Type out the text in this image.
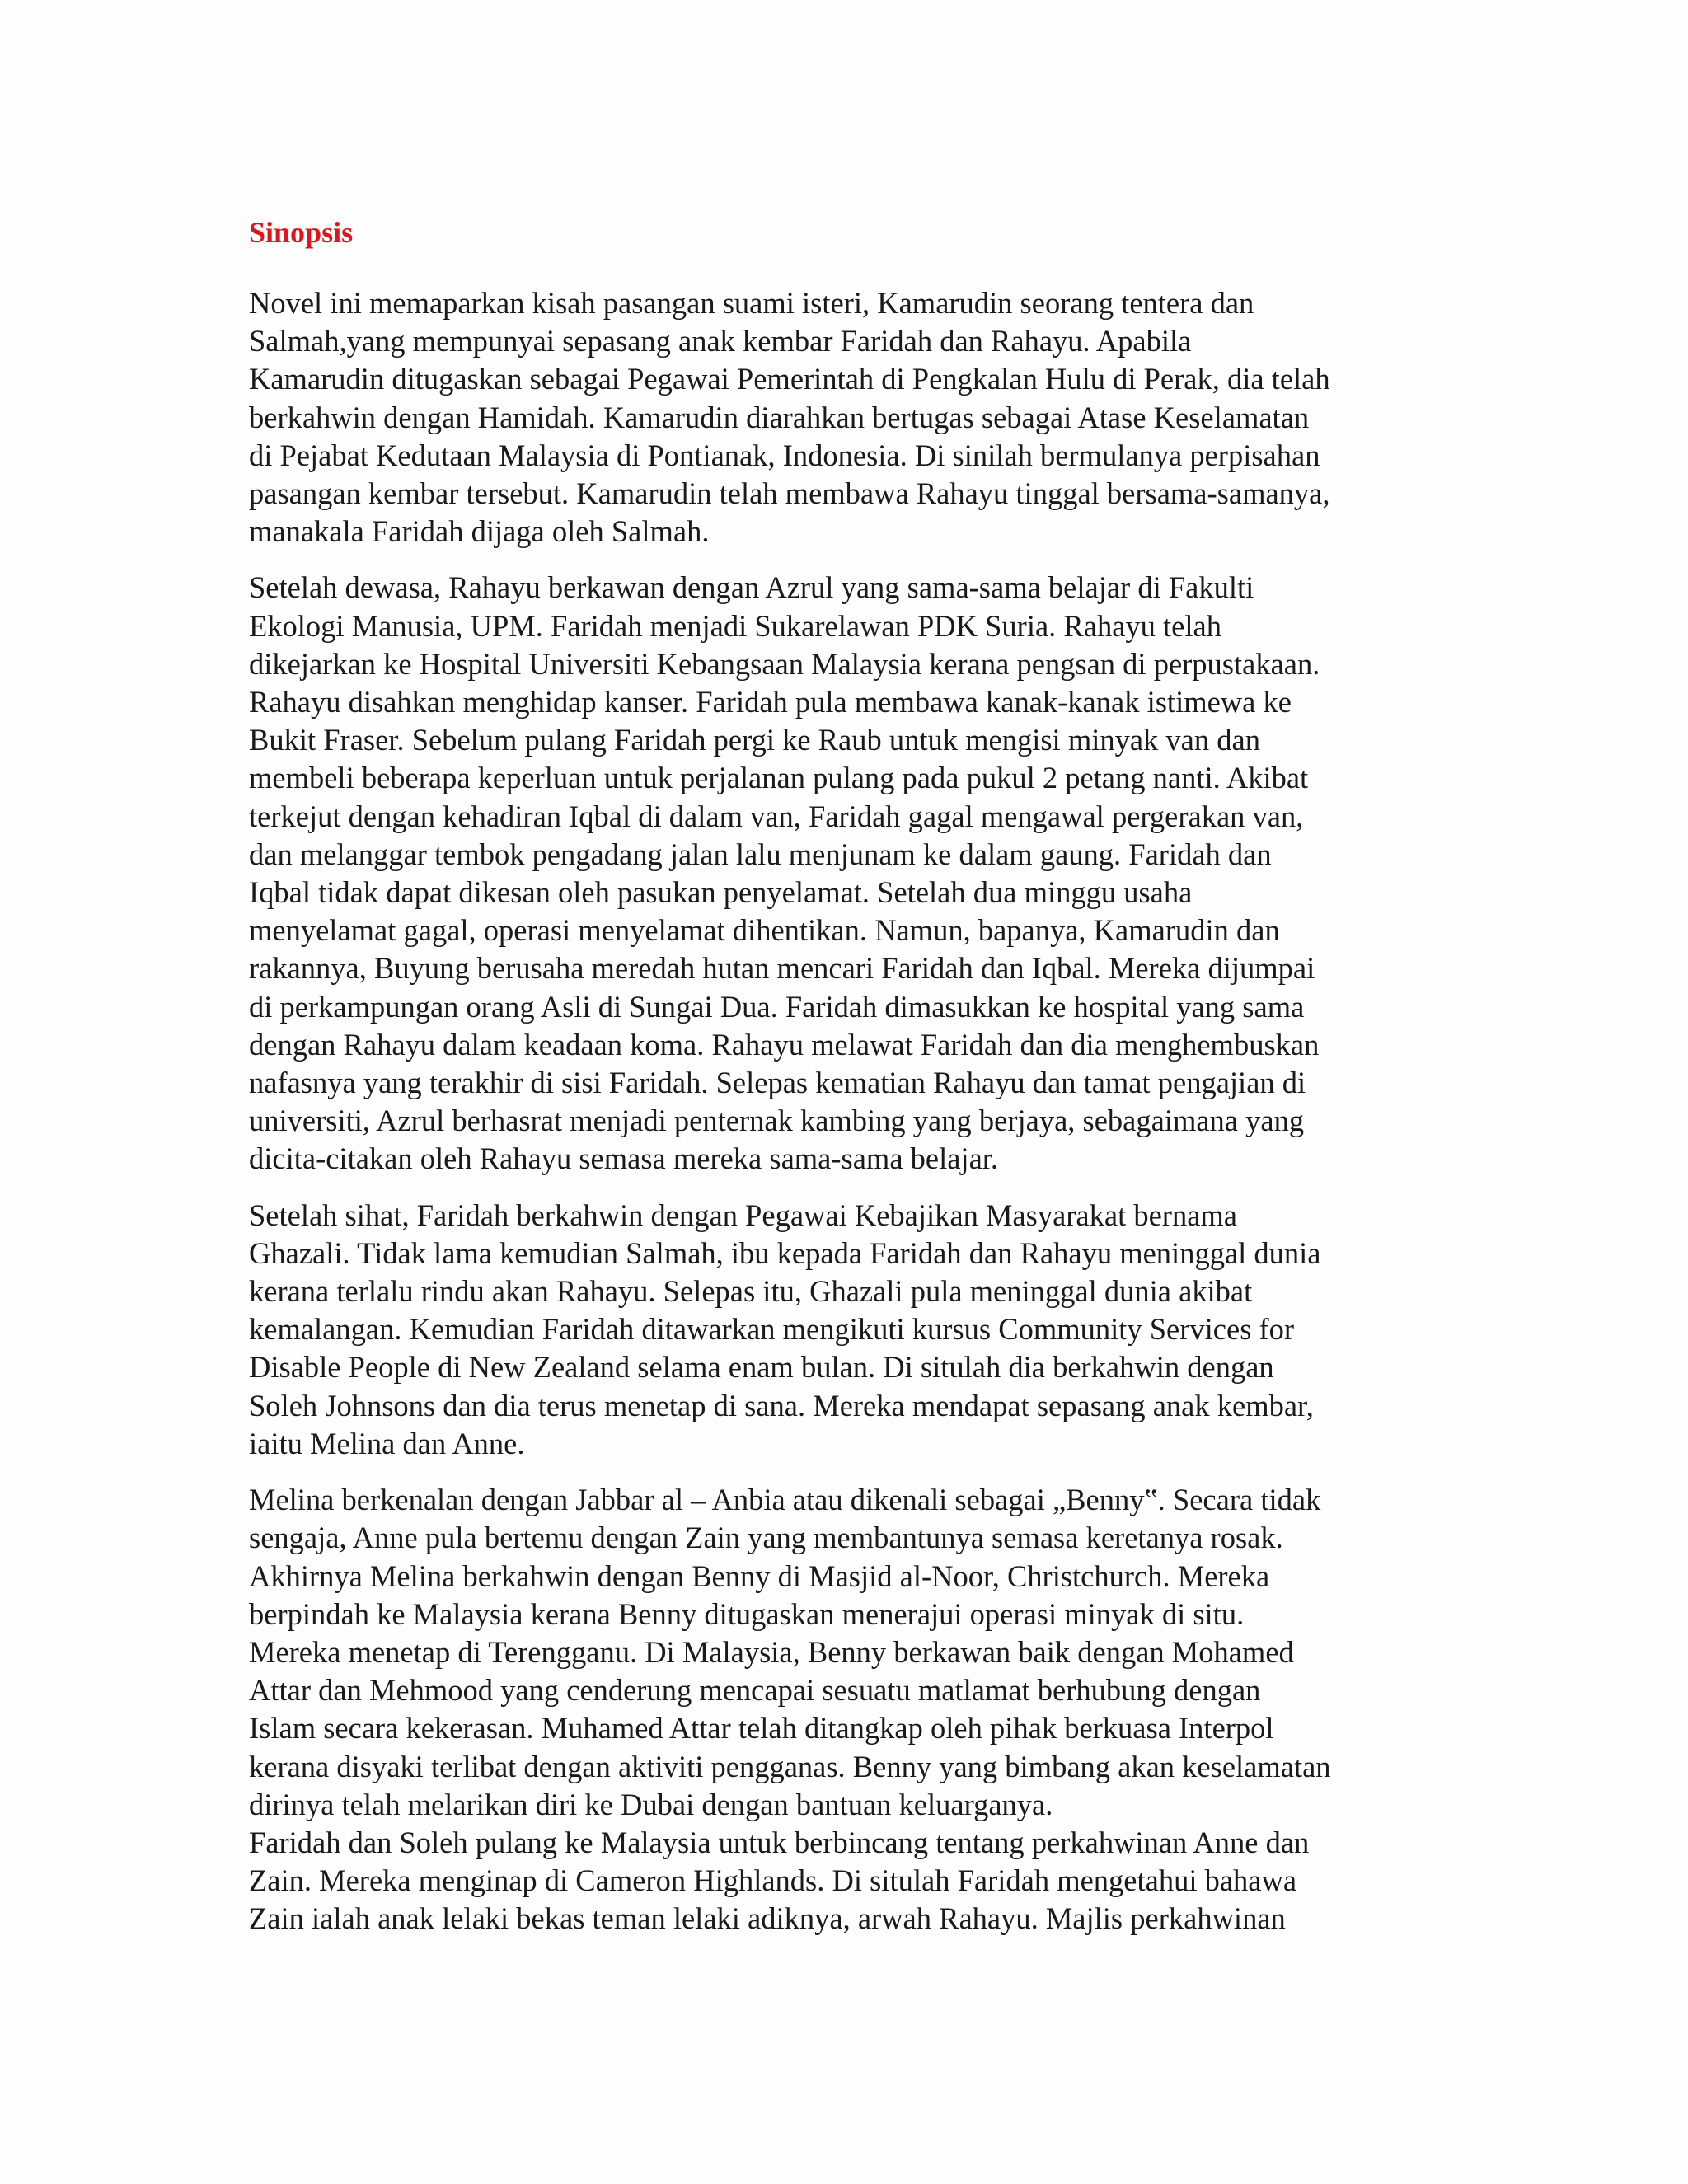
Sinopsis

Novel ini memaparkan kisah pasangan suami isteri, Kamarudin seorang tentera dan
Salmah,yang mempunyai sepasang anak kembar Faridah dan Rahayu. Apabila
Kamarudin ditugaskan sebagai Pegawai Pemerintah di Pengkalan Hulu di Perak, dia telah
berkahwin dengan Hamidah. Kamarudin diarahkan bertugas sebagai Atase Keselamatan
di Pejabat Kedutaan Malaysia di Pontianak, Indonesia. Di sinilah bermulanya perpisahan
pasangan kembar tersebut. Kamarudin telah membawa Rahayu tinggal bersama-samanya,
manakala Faridah dijaga oleh Salmah.

Setelah dewasa, Rahayu berkawan dengan Azrul yang sama-sama belajar di Fakulti
Ekologi Manusia, UPM. Faridah menjadi Sukarelawan PDK Suria. Rahayu telah
dikejarkan ke Hospital Universiti Kebangsaan Malaysia kerana pengsan di perpustakaan.
Rahayu disahkan menghidap kanser. Faridah pula membawa kanak-kanak istimewa ke
Bukit Fraser. Sebelum pulang Faridah pergi ke Raub untuk mengisi minyak van dan
membeli beberapa keperluan untuk perjalanan pulang pada pukul 2 petang nanti. Akibat
terkejut dengan kehadiran Iqbal di dalam van, Faridah gagal mengawal pergerakan van,
dan melanggar tembok pengadang jalan lalu menjunam ke dalam gaung. Faridah dan
Iqbal tidak dapat dikesan oleh pasukan penyelamat. Setelah dua minggu usaha
menyelamat gagal, operasi menyelamat dihentikan. Namun, bapanya, Kamarudin dan
rakannya, Buyung berusaha meredah hutan mencari Faridah dan Iqbal. Mereka dijumpai
di perkampungan orang Asli di Sungai Dua. Faridah dimasukkan ke hospital yang sama
dengan Rahayu dalam keadaan koma. Rahayu melawat Faridah dan dia menghembuskan
nafasnya yang terakhir di sisi Faridah. Selepas kematian Rahayu dan tamat pengajian di
universiti, Azrul berhasrat menjadi penternak kambing yang berjaya, sebagaimana yang
dicita-citakan oleh Rahayu semasa mereka sama-sama belajar.

Setelah sihat, Faridah berkahwin dengan Pegawai Kebajikan Masyarakat bernama
Ghazali. Tidak lama kemudian Salmah, ibu kepada Faridah dan Rahayu meninggal dunia
kerana terlalu rindu akan Rahayu. Selepas itu, Ghazali pula meninggal dunia akibat
kemalangan. Kemudian Faridah ditawarkan mengikuti kursus Community Services for
Disable People di New Zealand selama enam bulan. Di situlah dia berkahwin dengan
Soleh Johnsons dan dia terus menetap di sana. Mereka mendapat sepasang anak kembar,
iaitu Melina dan Anne.

Melina berkenalan dengan Jabbar al – Anbia atau dikenali sebagai „Benny‟. Secara tidak
sengaja, Anne pula bertemu dengan Zain yang membantunya semasa keretanya rosak.
Akhirnya Melina berkahwin dengan Benny di Masjid al-Noor, Christchurch. Mereka
berpindah ke Malaysia kerana Benny ditugaskan menerajui operasi minyak di situ.
Mereka menetap di Terengganu. Di Malaysia, Benny berkawan baik dengan Mohamed
Attar dan Mehmood yang cenderung mencapai sesuatu matlamat berhubung dengan
Islam secara kekerasan. Muhamed Attar telah ditangkap oleh pihak berkuasa Interpol
kerana disyaki terlibat dengan aktiviti pengganas. Benny yang bimbang akan keselamatan
dirinya telah melarikan diri ke Dubai dengan bantuan keluarganya.
Faridah dan Soleh pulang ke Malaysia untuk berbincang tentang perkahwinan Anne dan
Zain. Mereka menginap di Cameron Highlands. Di situlah Faridah mengetahui bahawa
Zain ialah anak lelaki bekas teman lelaki adiknya, arwah Rahayu. Majlis perkahwinan
